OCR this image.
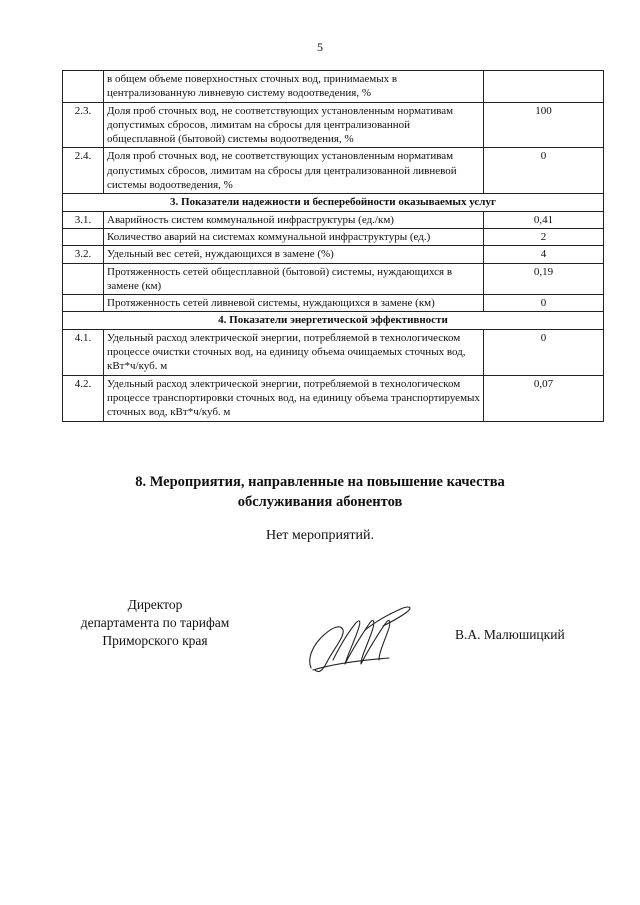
5
	в общем объеме поверхностных сточных вод, принимаемых в централизованную ливневую систему водоотведения, %	
2.3.	Доля проб сточных вод, не соответствующих установленным нормативам допустимых сбросов, лимитам на сбросы для централизованной общесплавной (бытовой) системы водоотведения, %	100
2.4.	Доля проб сточных вод, не соответствующих установленным нормативам допустимых сбросов, лимитам на сбросы для централизованной ливневой системы водоотведения, %	0
3. Показатели надежности и бесперебойности оказываемых услуг		
3.1.	Аварийность систем коммунальной инфраструктуры (ед./км)	0,41
	Количество аварий на системах коммунальной инфраструктуры (ед.)	2
3.2.	Удельный вес сетей, нуждающихся в замене (%)	4
	Протяженность сетей общесплавной (бытовой) системы, нуждающихся в замене (км)	0,19
	Протяженность сетей ливневой системы, нуждающихся в замене (км)	0
4. Показатели энергетической эффективности		
4.1.	Удельный расход электрической энергии, потребляемой в технологическом процессе очистки сточных вод, на единицу объема очищаемых сточных вод, кВт*ч/куб. м	0
4.2.	Удельный расход электрической энергии, потребляемой в технологическом процессе транспортировки сточных вод, на единицу объема транспортируемых сточных вод, кВт*ч/куб. м	0,07
8. Мероприятия, направленные на повышение качества
обслуживания абонентов
Нет мероприятий.
Директор
департамента по тарифам
Приморского края	В.А. Малюшицкий
